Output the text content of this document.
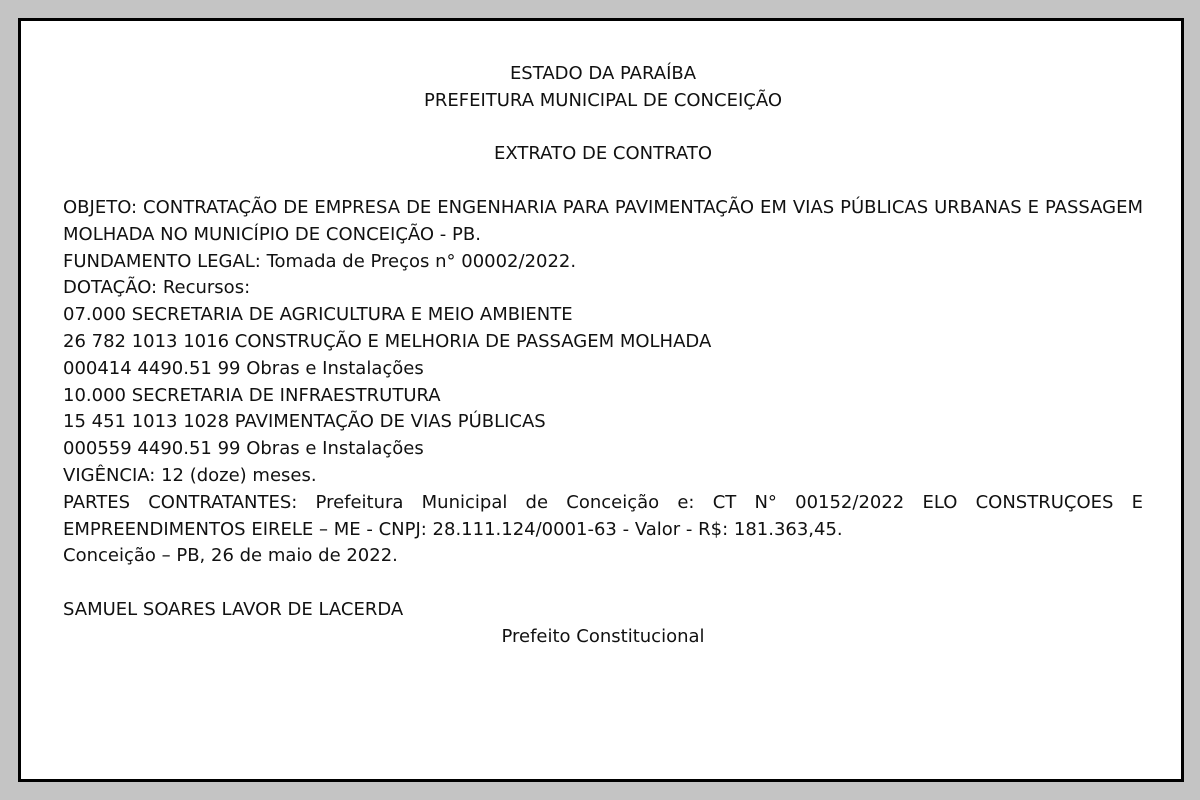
ESTADO DA PARAÍBA
PREFEITURA MUNICIPAL DE CONCEIÇÃO
EXTRATO DE CONTRATO
OBJETO: CONTRATAÇÃO DE EMPRESA DE ENGENHARIA PARA PAVIMENTAÇÃO EM VIAS PÚBLICAS URBANAS E PASSAGEM MOLHADA NO MUNICÍPIO DE CONCEIÇÃO - PB.
FUNDAMENTO LEGAL: Tomada de Preços n° 00002/2022.
DOTAÇÃO: Recursos:
07.000 SECRETARIA DE AGRICULTURA E MEIO AMBIENTE
26 782 1013 1016 CONSTRUÇÃO E MELHORIA DE PASSAGEM MOLHADA
000414 4490.51 99 Obras e Instalações
10.000 SECRETARIA DE INFRAESTRUTURA
15 451 1013 1028 PAVIMENTAÇÃO DE VIAS PÚBLICAS
000559 4490.51 99 Obras e Instalações
VIGÊNCIA: 12 (doze) meses.
PARTES CONTRATANTES: Prefeitura Municipal de Conceição e: CT N° 00152/2022 ELO CONSTRUÇOES E EMPREENDIMENTOS EIRELE – ME - CNPJ: 28.111.124/0001-63 - Valor - R$: 181.363,45.
Conceição – PB, 26 de maio de 2022.
SAMUEL SOARES LAVOR DE LACERDA
Prefeito Constitucional
